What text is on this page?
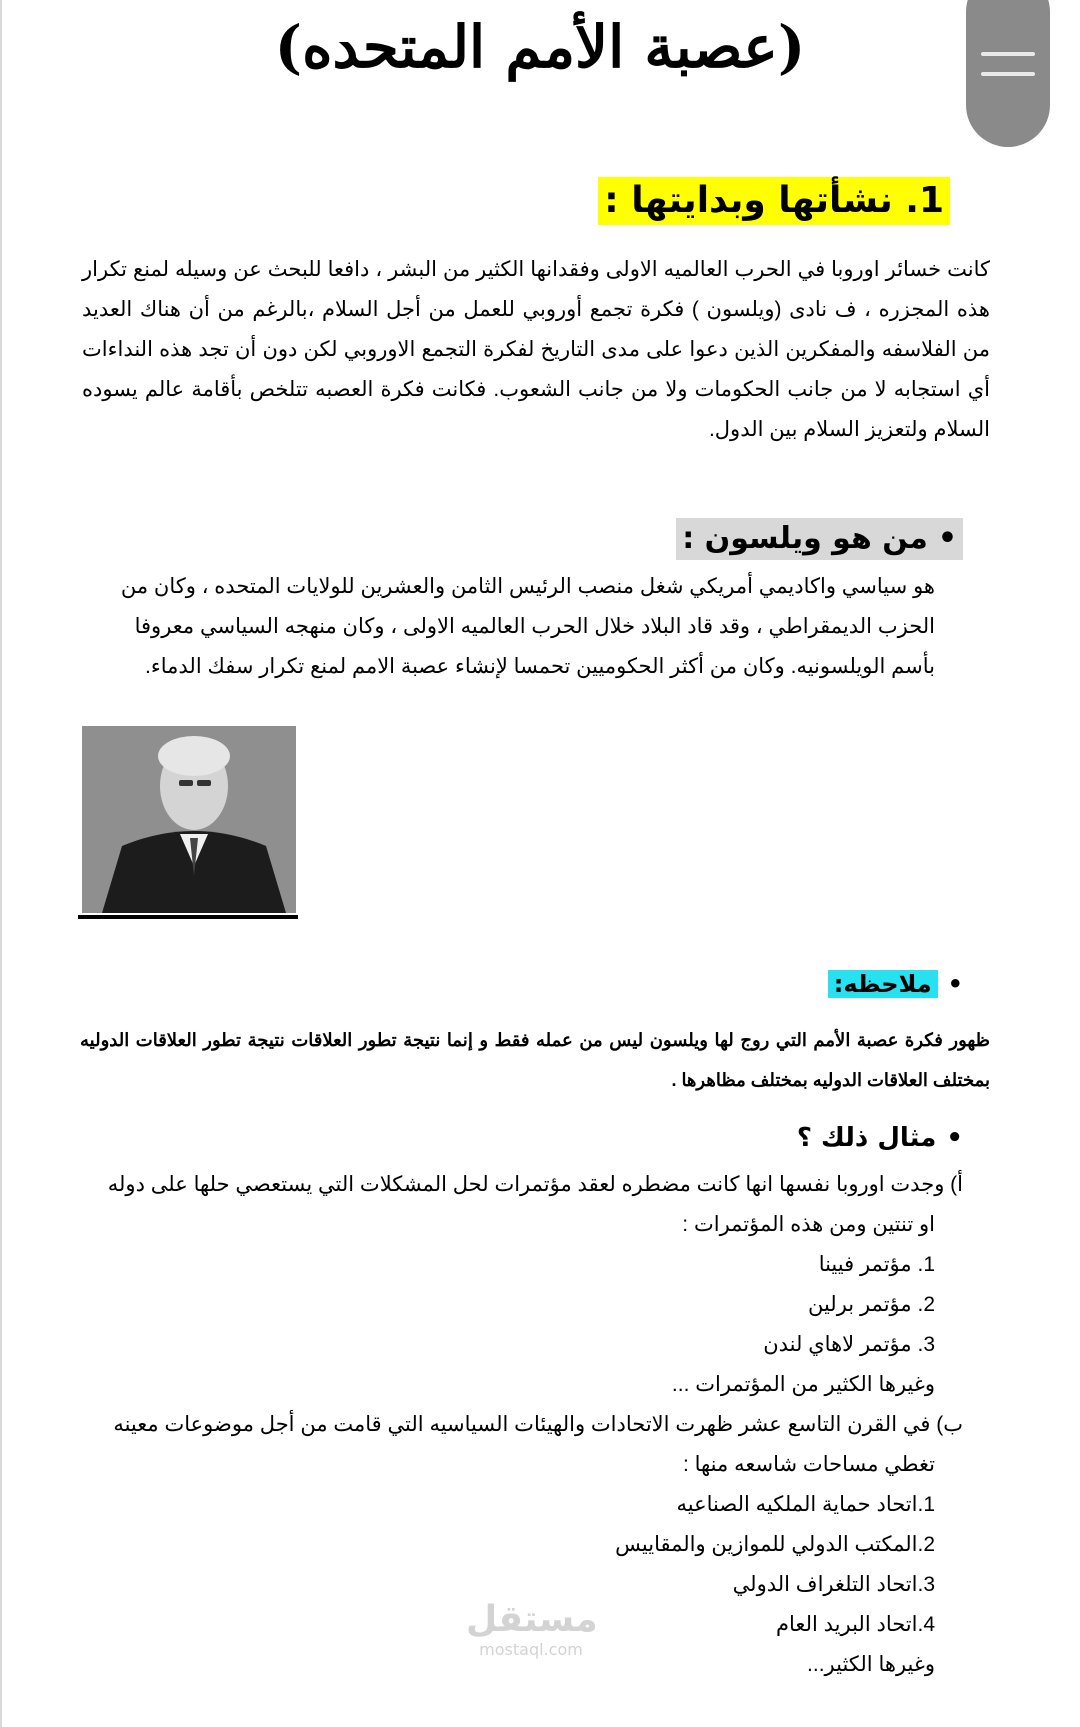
(عصبة الأمم المتحده)
1. نشأتها وبدايتها :
كانت خسائر اوروبا في الحرب العالميه الاولى وفقدانها الكثير من البشر ، دافعا للبحث عن وسيله لمنع تكرار هذه المجزره ، ف نادى (ويلسون ) فكرة تجمع أوروبي للعمل من أجل السلام ،بالرغم من أن هناك العديد من الفلاسفه والمفكرين الذين دعوا على مدى التاريخ لفكرة التجمع الاوروبي لكن دون أن تجد هذه النداءات أي استجابه لا من جانب الحكومات ولا من جانب الشعوب. فكانت فكرة العصبه تتلخص بأقامة عالم يسوده السلام ولتعزيز السلام بين الدول.
•من هو ويلسون :
هو سياسي واكاديمي أمريكي شغل منصب الرئيس الثامن والعشرين للولايات المتحده ، وكان من الحزب الديمقراطي ، وقد قاد البلاد خلال الحرب العالميه الاولى ، وكان منهجه السياسي معروفا بأسم الويلسونيه. وكان من أكثر الحكوميين تحمسا لإنشاء عصبة الامم لمنع تكرار سفك الدماء.
•ملاحظه:
ظهور فكرة عصبة الأمم التي روج لها ويلسون ليس من عمله فقط و إنما نتيجة تطور العلاقات نتيجة تطور العلاقات الدوليه بمختلف العلاقات الدوليه بمختلف مظاهرها .
•مثال ذلك ؟
أ) وجدت اوروبا نفسها انها كانت مضطره لعقد مؤتمرات لحل المشكلات التي يستعصي حلها على دوله
او تنتين ومن هذه المؤتمرات :
1. مؤتمر فيينا
2. مؤتمر برلين
3. مؤتمر لاهاي لندن
وغيرها الكثير من المؤتمرات ...
ب) في القرن التاسع عشر ظهرت الاتحادات والهيئات السياسيه التي قامت من أجل موضوعات معينه
تغطي مساحات شاسعه منها :
1.اتحاد حماية الملكيه الصناعيه
2.المكتب الدولي للموازين والمقاييس
3.اتحاد التلغراف الدولي
4.اتحاد البريد العام
وغيرها الكثير...
مستقل
mostaql.com
